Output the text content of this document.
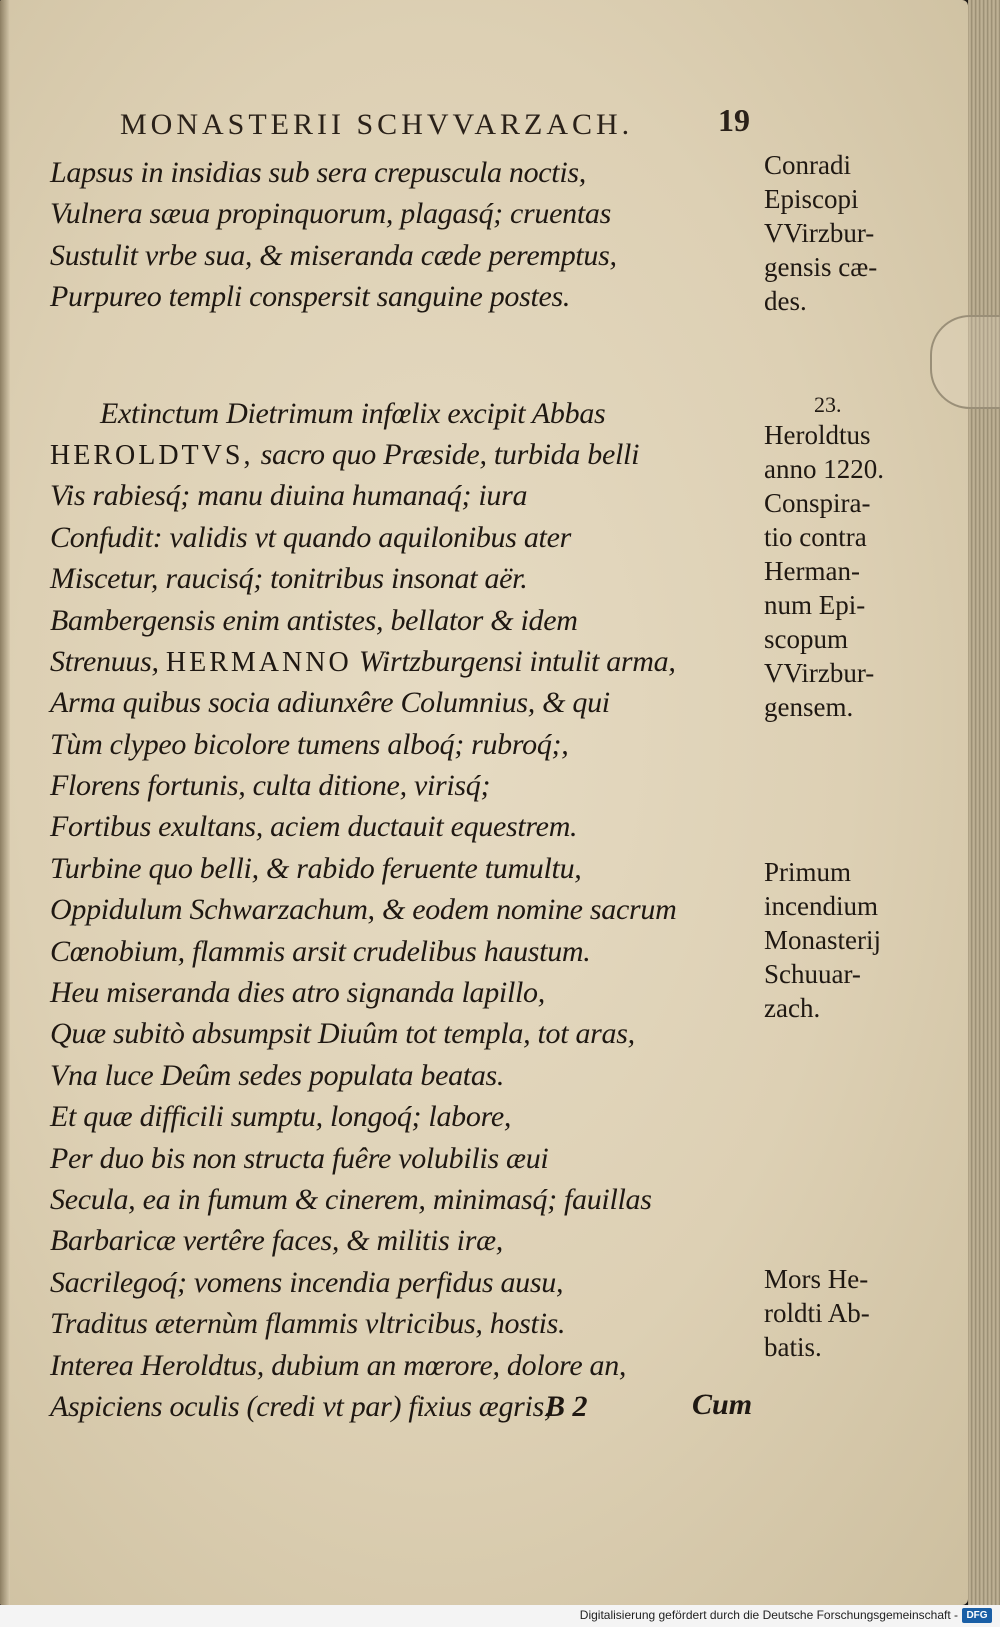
MONASTERII SCHVVARZACH.	19
Lapsus in insidias sub sera crepuscula noctis,
Vulnera sæua propinquorum, plagasq́; cruentas
Sustulit vrbe sua, & miseranda cæde peremptus,
Purpureo templi conspersit sanguine postes.
Extinctum Dietrimum infœlix excipit Abbas
HEROLDTVS, sacro quo Præside, turbida belli
Vis rabiesq́; manu diuina humanaq́; iura
Confudit: validis vt quando aquilonibus ater
Miscetur, raucisq́; tonitribus insonat aër.
Bambergensis enim antistes, bellator & idem
Strenuus, HERMANNO Wirtzburgensi intulit arma,
Arma quibus socia adiunxêre Columnius, & qui
Tùm clypeo bicolore tumens alboq́; rubroq́;,
Florens fortunis, culta ditione, virisq́;
Fortibus exultans, aciem ductauit equestrem.
Turbine quo belli, & rabido feruente tumultu,
Oppidulum Schwarzachum, & eodem nomine sacrum
Cœnobium, flammis arsit crudelibus haustum.
Heu miseranda dies atro signanda lapillo,
Quæ subitò absumpsit Diuûm tot templa, tot aras,
Vna luce Deûm sedes populata beatas.
Et quæ difficili sumptu, longoq́; labore,
Per duo bis non structa fuêre volubilis æui
Secula, ea in fumum & cinerem, minimasq́; fauillas
Barbaricæ vertêre faces, & militis iræ,
Sacrilegoq́; vomens incendia perfidus ausu,
Traditus æternùm flammis vltricibus, hostis.
Interea Heroldtus, dubium an mœrore, dolore an,
Aspiciens oculis (credi vt par) fixius ægris,
Conradi
Episcopi
VVirzbur-
gensis cæ-
des.
23.
Heroldtus
anno 1220.
Conspira-
tio contra
Herman-
num Epi-
scopum
VVirzbur-
gensem.
Primum
incendium
Monasterij
Schuuar-
zach.
Mors He-
roldti Ab-
batis.
B 2	Cum
Digitalisierung gefördert durch die Deutsche Forschungsgemeinschaft - DFG
